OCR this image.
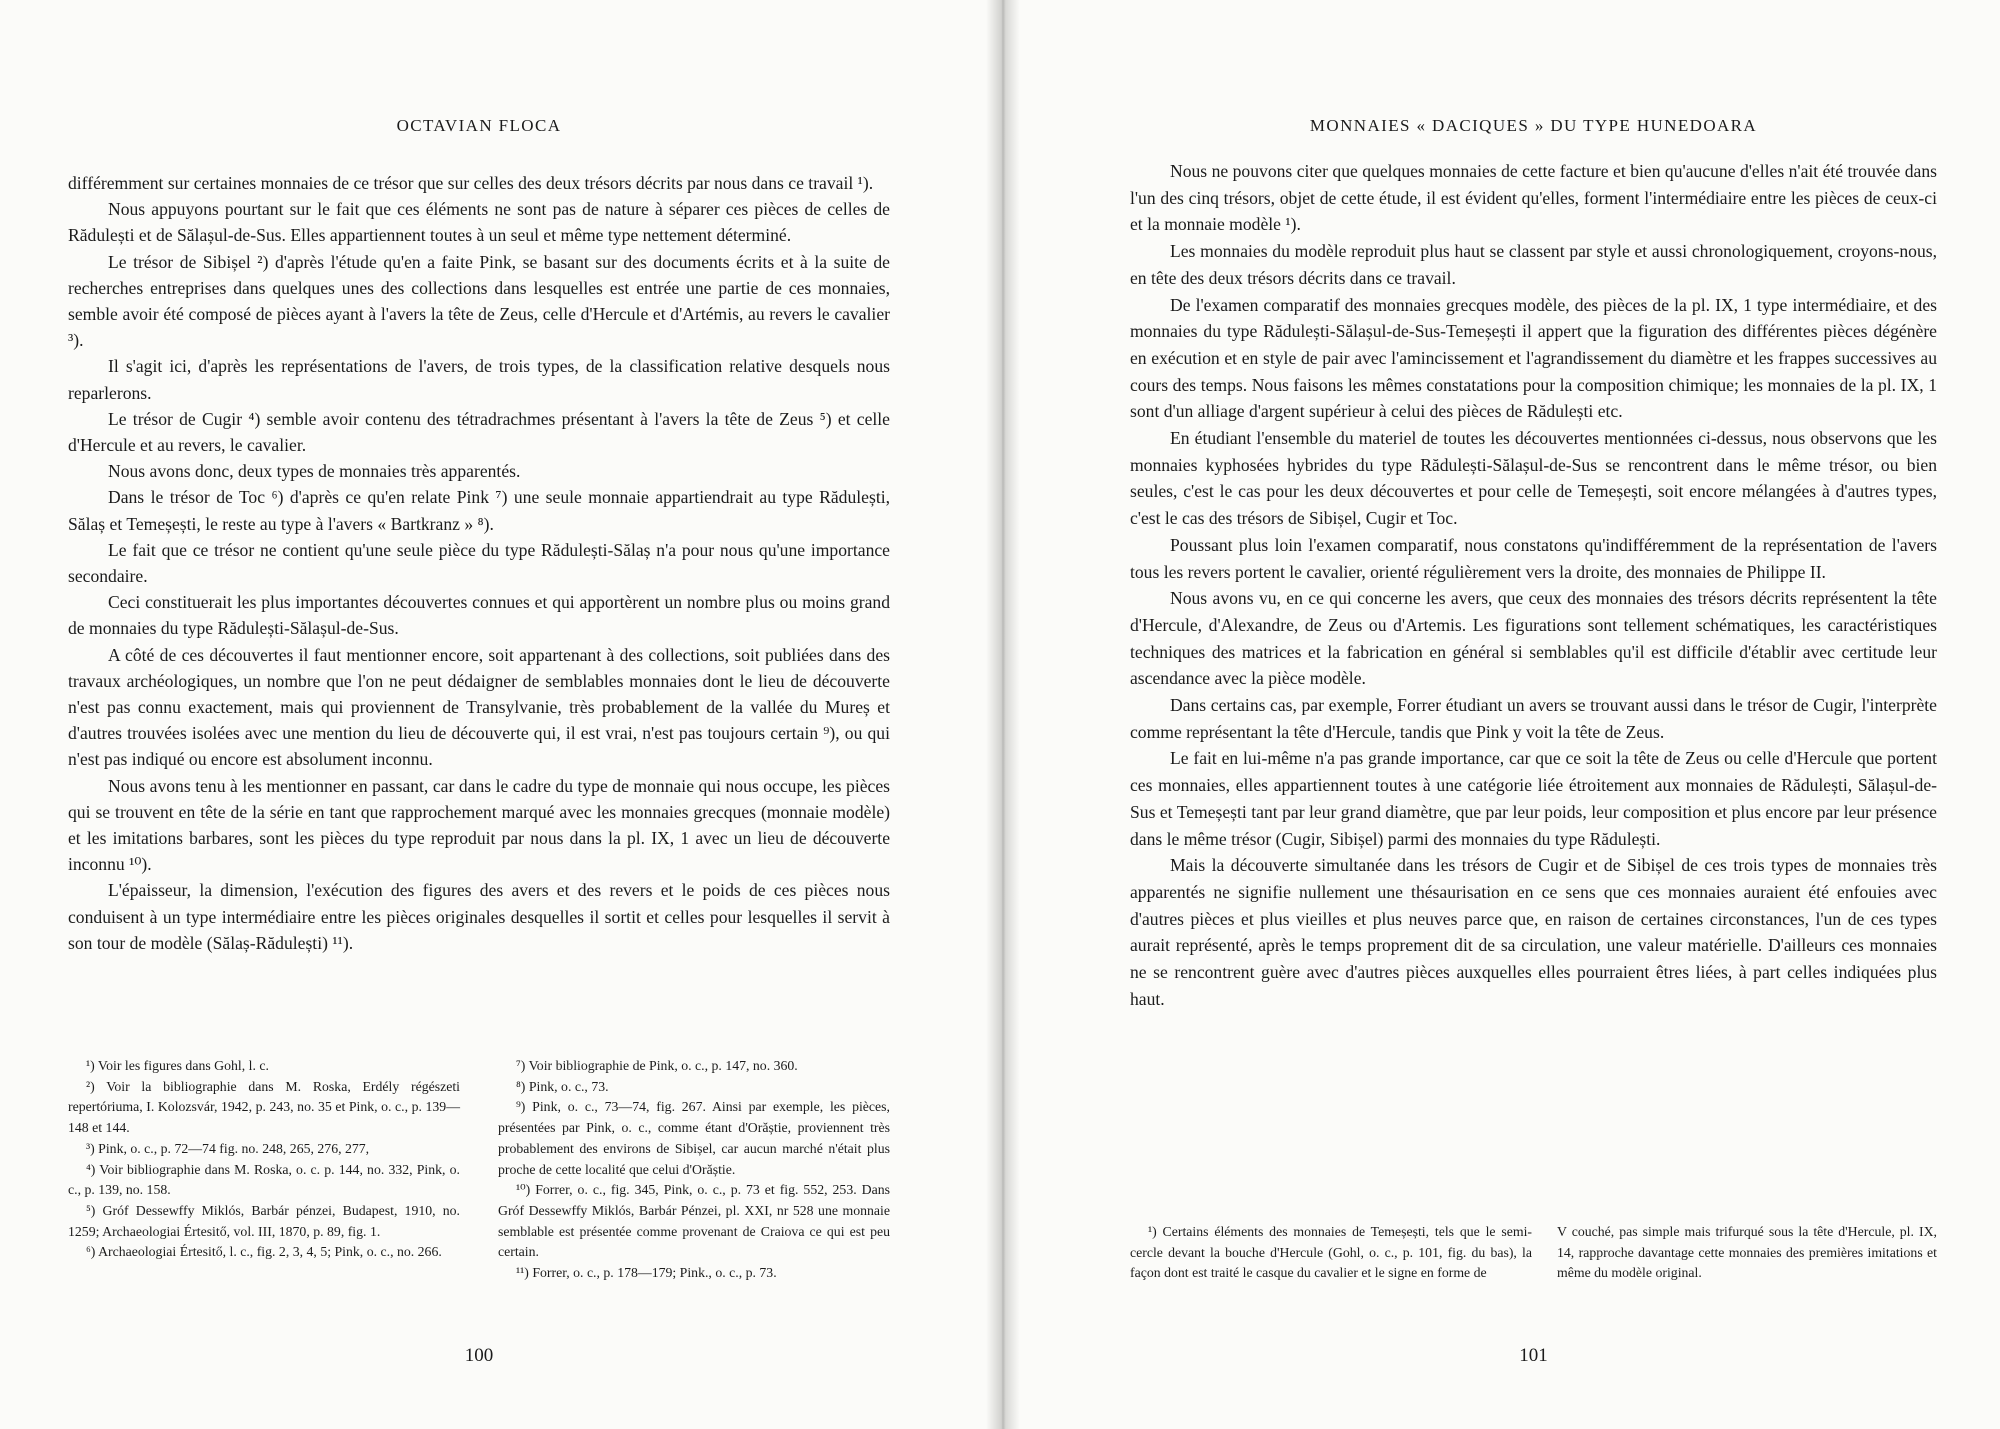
OCTAVIAN FLOCA

différemment sur certaines monnaies de ce trésor que sur celles des deux trésors décrits par nous dans ce travail ¹).

Nous appuyons pourtant sur le fait que ces éléments ne sont pas de nature à séparer ces pièces de celles de Rădulești et de Sălașul-de-Sus. Elles appartiennent toutes à un seul et même type nettement déterminé.

Le trésor de Sibișel ²) d'après l'étude qu'en a faite Pink, se basant sur des documents écrits et à la suite de recherches entreprises dans quelques unes des collections dans lesquelles est entrée une partie de ces monnaies, semble avoir été composé de pièces ayant à l'avers la tête de Zeus, celle d'Hercule et d'Artémis, au revers le cavalier ³).

Il s'agit ici, d'après les représentations de l'avers, de trois types, de la classification relative desquels nous reparlerons.

Le trésor de Cugir ⁴) semble avoir contenu des tétradrachmes présentant à l'avers la tête de Zeus ⁵) et celle d'Hercule et au revers, le cavalier.

Nous avons donc, deux types de monnaies très apparentés.

Dans le trésor de Toc ⁶) d'après ce qu'en relate Pink ⁷) une seule monnaie appartiendrait au type Rădulești, Sălaș et Temeșești, le reste au type à l'avers « Bartkranz » ⁸).

Le fait que ce trésor ne contient qu'une seule pièce du type Rădulești-Sălaș n'a pour nous qu'une importance secondaire.

Ceci constituerait les plus importantes découvertes connues et qui apportèrent un nombre plus ou moins grand de monnaies du type Rădulești-Sălașul-de-Sus.

A côté de ces découvertes il faut mentionner encore, soit appartenant à des collections, soit publiées dans des travaux archéologiques, un nombre que l'on ne peut dédaigner de semblables monnaies dont le lieu de découverte n'est pas connu exactement, mais qui proviennent de Transylvanie, très probablement de la vallée du Mureș et d'autres trouvées isolées avec une mention du lieu de découverte qui, il est vrai, n'est pas toujours certain ⁹), ou qui n'est pas indiqué ou encore est absolument inconnu.

Nous avons tenu à les mentionner en passant, car dans le cadre du type de monnaie qui nous occupe, les pièces qui se trouvent en tête de la série en tant que rapprochement marqué avec les monnaies grecques (monnaie modèle) et les imitations barbares, sont les pièces du type reproduit par nous dans la pl. IX, 1 avec un lieu de découverte inconnu ¹⁰).

L'épaisseur, la dimension, l'exécution des figures des avers et des revers et le poids de ces pièces nous conduisent à un type intermédiaire entre les pièces originales desquelles il sortit et celles pour lesquelles il servit à son tour de modèle (Sălaș-Rădulești) ¹¹).

¹) Voir les figures dans Gohl, l. c.

²) Voir la bibliographie dans M. Roska, Erdély régészeti repertóriuma, I. Kolozsvár, 1942, p. 243, no. 35 et Pink, o. c., p. 139—148 et 144.

³) Pink, o. c., p. 72—74 fig. no. 248, 265, 276, 277,

⁴) Voir bibliographie dans M. Roska, o. c. p. 144, no. 332, Pink, o. c., p. 139, no. 158.

⁵) Gróf Dessewffy Miklós, Barbár pénzei, Budapest, 1910, no. 1259; Archaeologiai Értesitő, vol. III, 1870, p. 89, fig. 1.

⁶) Archaeologiai Értesitő, l. c., fig. 2, 3, 4, 5; Pink, o. c., no. 266.

⁷) Voir bibliographie de Pink, o. c., p. 147, no. 360.

⁸) Pink, o. c., 73.

⁹) Pink, o. c., 73—74, fig. 267. Ainsi par exemple, les pièces, présentées par Pink, o. c., comme étant d'Orăștie, proviennent très probablement des environs de Sibișel, car aucun marché n'était plus proche de cette localité que celui d'Orăștie.

¹⁰) Forrer, o. c., fig. 345, Pink, o. c., p. 73 et fig. 552, 253. Dans Gróf Dessewffy Miklós, Barbár Pénzei, pl. XXI, nr 528 une monnaie semblable est présentée comme provenant de Craiova ce qui est peu certain.

¹¹) Forrer, o. c., p. 178—179; Pink., o. c., p. 73.

100
MONNAIES « DACIQUES » DU TYPE HUNEDOARA

Nous ne pouvons citer que quelques monnaies de cette facture et bien qu'aucune d'elles n'ait été trouvée dans l'un des cinq trésors, objet de cette étude, il est évident qu'elles, forment l'intermédiaire entre les pièces de ceux-ci et la monnaie modèle ¹).

Les monnaies du modèle reproduit plus haut se classent par style et aussi chronologiquement, croyons-nous, en tête des deux trésors décrits dans ce travail.

De l'examen comparatif des monnaies grecques modèle, des pièces de la pl. IX, 1 type intermédiaire, et des monnaies du type Rădulești-Sălașul-de-Sus-Temeșești il appert que la figuration des différentes pièces dégénère en exécution et en style de pair avec l'amincissement et l'agrandissement du diamètre et les frappes successives au cours des temps. Nous faisons les mêmes constatations pour la composition chimique; les monnaies de la pl. IX, 1 sont d'un alliage d'argent supérieur à celui des pièces de Rădulești etc.

En étudiant l'ensemble du materiel de toutes les découvertes mentionnées ci-dessus, nous observons que les monnaies kyphosées hybrides du type Rădulești-Sălașul-de-Sus se rencontrent dans le même trésor, ou bien seules, c'est le cas pour les deux découvertes et pour celle de Temeșești, soit encore mélangées à d'autres types, c'est le cas des trésors de Sibișel, Cugir et Toc.

Poussant plus loin l'examen comparatif, nous constatons qu'indifféremment de la représentation de l'avers tous les revers portent le cavalier, orienté régulièrement vers la droite, des monnaies de Philippe II.

Nous avons vu, en ce qui concerne les avers, que ceux des monnaies des trésors décrits représentent la tête d'Hercule, d'Alexandre, de Zeus ou d'Artemis. Les figurations sont tellement schématiques, les caractéristiques techniques des matrices et la fabrication en général si semblables qu'il est difficile d'établir avec certitude leur ascendance avec la pièce modèle.

Dans certains cas, par exemple, Forrer étudiant un avers se trouvant aussi dans le trésor de Cugir, l'interprète comme représentant la tête d'Hercule, tandis que Pink y voit la tête de Zeus.

Le fait en lui-même n'a pas grande importance, car que ce soit la tête de Zeus ou celle d'Hercule que portent ces monnaies, elles appartiennent toutes à une catégorie liée étroitement aux monnaies de Rădulești, Sălașul-de-Sus et Temeșești tant par leur grand diamètre, que par leur poids, leur composition et plus encore par leur présence dans le même trésor (Cugir, Sibișel) parmi des monnaies du type Rădulești.

Mais la découverte simultanée dans les trésors de Cugir et de Sibișel de ces trois types de monnaies très apparentés ne signifie nullement une thésaurisation en ce sens que ces monnaies auraient été enfouies avec d'autres pièces et plus vieilles et plus neuves parce que, en raison de certaines circonstances, l'un de ces types aurait représenté, après le temps proprement dit de sa circulation, une valeur matérielle. D'ailleurs ces monnaies ne se rencontrent guère avec d'autres pièces auxquelles elles pourraient êtres liées, à part celles indiquées plus haut.

¹) Certains éléments des monnaies de Temeșești, tels que le semi-cercle devant la bouche d'Hercule (Gohl, o. c., p. 101, fig. du bas), la façon dont est traité le casque du cavalier et le signe en forme de

V couché, pas simple mais trifurqué sous la tête d'Hercule, pl. IX, 14, rapproche davantage cette monnaies des premières imitations et même du modèle original.

101
